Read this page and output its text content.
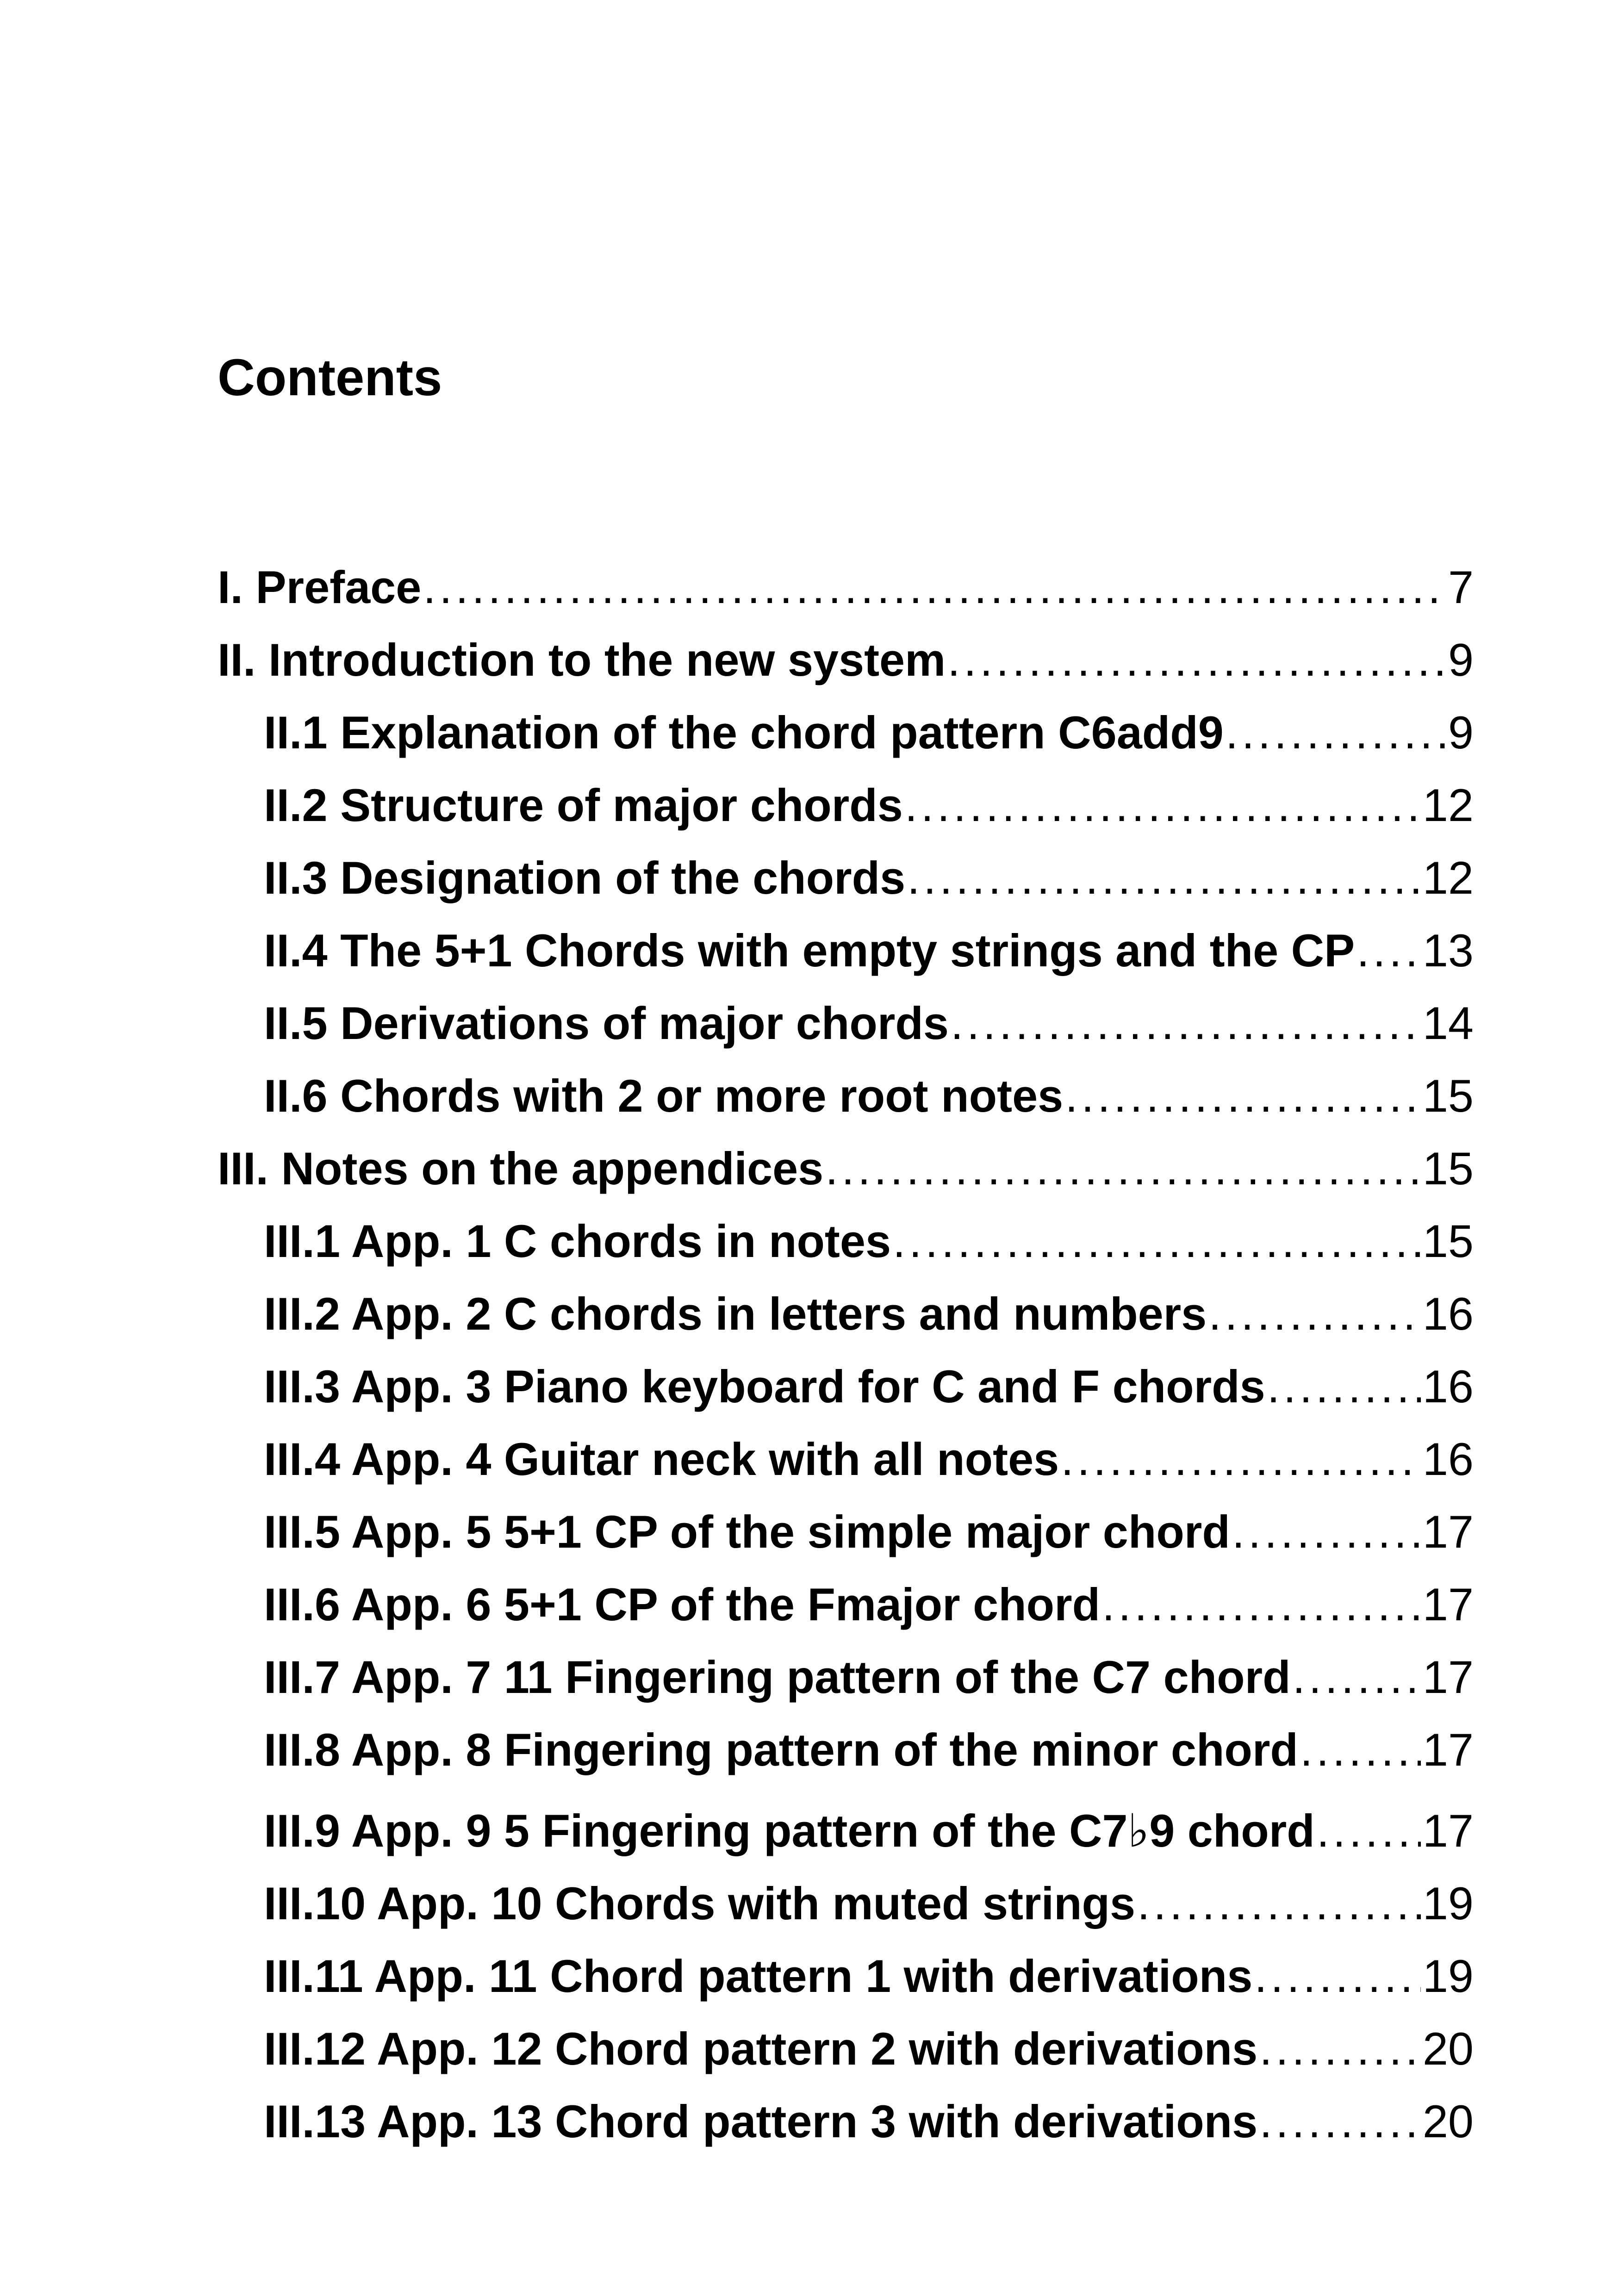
Contents
I. Preface . . .	7
II. Introduction to the new system . . .	9
II.1 Explanation of the chord pattern C6add9 . . .	9
II.2 Structure of major chords . . .	12
II.3 Designation of the chords . . .	12
II.4 The 5+1 Chords with empty strings and the CP . . . 13
II.5 Derivations of major chords . . .	14
II.6 Chords with 2 or more root notes . . .	15
III. Notes on the appendices . . .	15
III.1 App. 1 C chords in notes . . .	15
III.2 App. 2 C chords in letters and numbers . . .	16
III.3 App. 3 Piano keyboard for C and F chords . . .	16
III.4 App. 4 Guitar neck with all notes . . .	16
III.5 App. 5 5+1 CP of the simple major chord . . .	17
III.6 App. 6 5+1 CP of the Fmajor chord . . .	17
III.7 App. 7 11 Fingering pattern of the C7 chord . . .	17
III.8 App. 8 Fingering pattern of the minor chord . . .	17
III.9 App. 9 5 Fingering pattern of the C7♭9 chord . . . 17
III.10 App. 10 Chords with muted strings . . .	19
III.11 App. 11 Chord pattern 1 with derivations . . .	19
III.12 App. 12 Chord pattern 2 with derivations . . .	20
III.13 App. 13 Chord pattern 3 with derivations . . .	20
